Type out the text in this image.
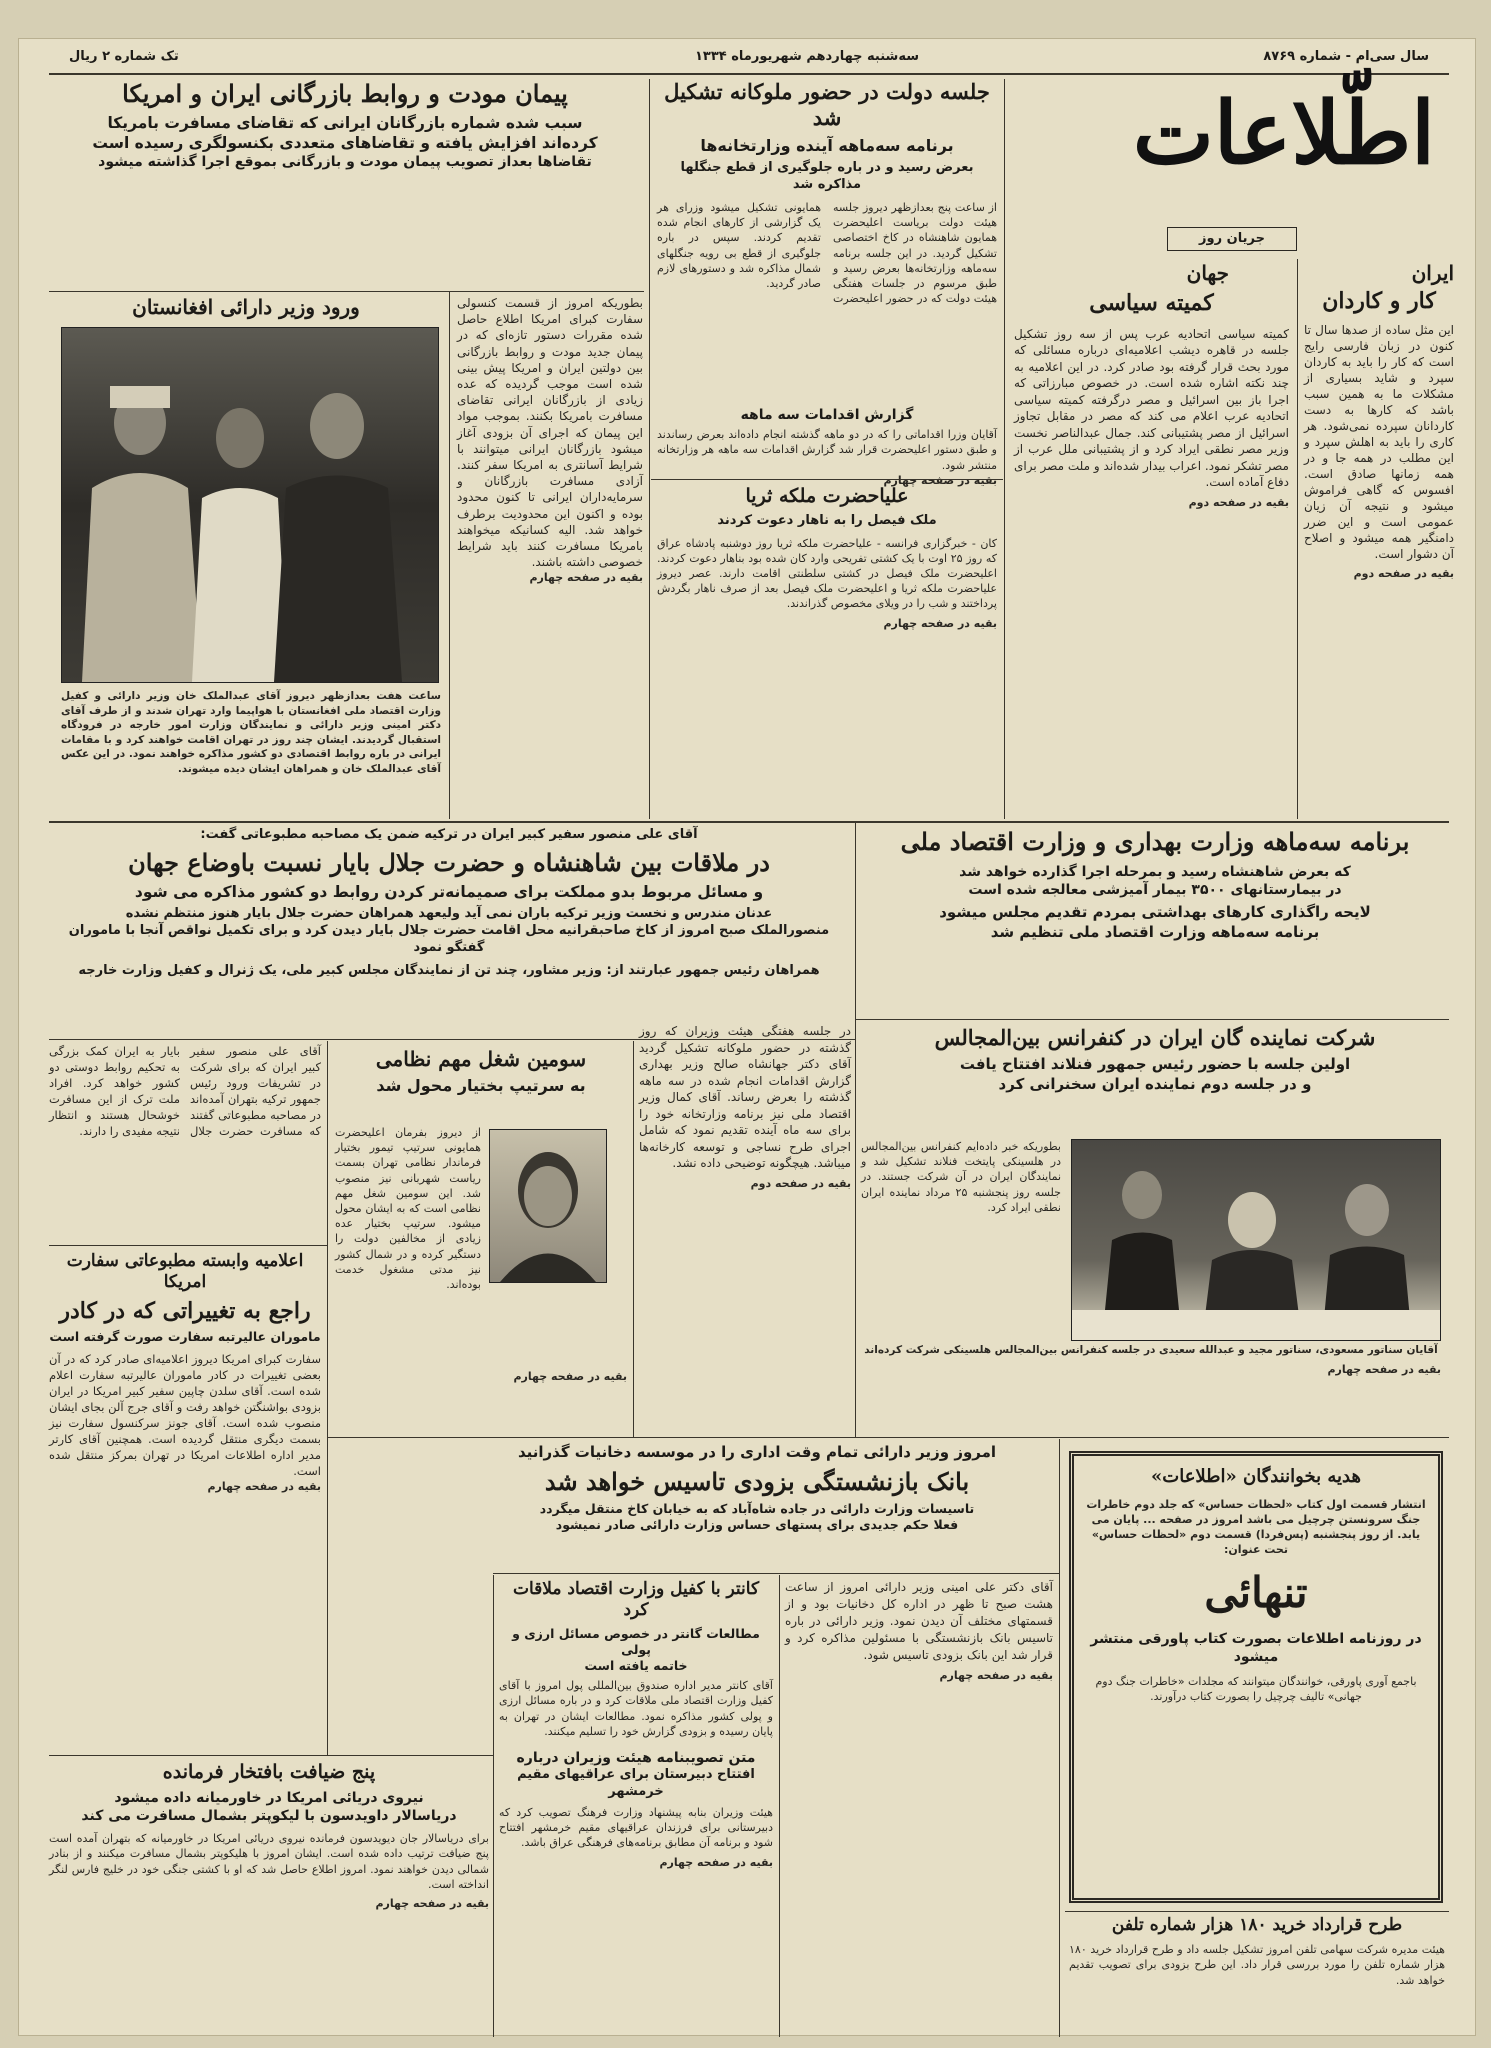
سال سی‌ام - شماره ۸۷۶۹
سه‌شنبه چهاردهم شهریورماه ۱۳۳۴
تک شماره ۲ ریال
اطّلاعات
جریان روز
ایران
کار و کاردان
این مثل ساده از صدها سال تا کنون در زبان فارسی رایج است که کار را باید به کاردان سپرد و شاید بسیاری از مشکلات ما به همین سبب باشد که کارها به دست کاردانان سپرده نمی‌شود. هر کاری را باید به اهلش سپرد و این مطلب در همه جا و در همه زمانها صادق است. افسوس که گاهی فراموش میشود و نتیجه آن زیان عمومی است و این ضرر دامنگیر همه میشود و اصلاح آن دشوار است.
بقیه در صفحه دوم
جهان
کمیته سیاسی
کمیته سیاسی اتحادیه عرب پس از سه روز تشکیل جلسه در قاهره دیشب اعلامیه‌ای درباره مسائلی که مورد بحث قرار گرفته بود صادر کرد. در این اعلامیه به چند نکته اشاره شده است. در خصوص مبارزاتی که اجرا باز بین اسرائیل و مصر درگرفته کمیته سیاسی اتحادیه عرب اعلام می کند که مصر در مقابل تجاوز اسرائیل از مصر پشتیبانی کند. جمال عبدالناصر نخست وزیر مصر نطقی ایراد کرد و از پشتیبانی ملل عرب از مصر تشکر نمود. اعراب بیدار شده‌اند و ملت مصر برای دفاع آماده است.
بقیه در صفحه دوم
جلسه دولت در حضور ملوکانه تشکیل شد
برنامه سه‌ماهه آینده وزارتخانه‌ها
بعرض رسید و در باره جلوگیری از قطع جنگلها مذاکره شد
از ساعت پنج بعدازظهر دیروز جلسه هیئت دولت بریاست اعلیحضرت همایون شاهنشاه در کاخ اختصاصی تشکیل گردید. در این جلسه برنامه سه‌ماهه وزارتخانه‌ها بعرض رسید و طبق مرسوم در جلسات هفتگی هیئت دولت که در حضور اعلیحضرت همایونی تشکیل میشود وزرای هر یک گزارشی از کارهای انجام شده تقدیم کردند. سپس در باره جلوگیری از قطع بی رویه جنگلهای شمال مذاکره شد و دستورهای لازم صادر گردید.
گزارش اقدامات سه ماهه
آقایان وزرا اقداماتی را که در دو ماهه گذشته انجام داده‌اند بعرض رساندند و طبق دستور اعلیحضرت قرار شد گزارش اقدامات سه ماهه هر وزارتخانه منتشر شود.
بقیه در صفحه چهارم
علیاحضرت ملکه ثریا
ملک فیصل را به ناهار دعوت کردند
کان - خبرگزاری فرانسه - علیاحضرت ملکه ثریا روز دوشنبه پادشاه عراق که روز ۲۵ اوت با یک کشتی تفریحی وارد کان شده بود بناهار دعوت کردند. اعلیحضرت ملک فیصل در کشتی سلطنتی اقامت دارند. عصر دیروز علیاحضرت ملکه ثریا و اعلیحضرت ملک فیصل بعد از صرف ناهار بگردش پرداختند و شب را در ویلای مخصوص گذراندند.
بقیه در صفحه چهارم
پیمان مودت و روابط بازرگانی ایران و امریکا
سبب شده شماره بازرگانان ایرانی که تقاضای مسافرت بامریکا
کرده‌اند افزایش یافته و تقاضاهای متعددی بکنسولگری رسیده است
تقاضاها بعداز تصویب پیمان مودت و بازرگانی بموقع اجرا گذاشته میشود
بطوریکه امروز از قسمت کنسولی سفارت کبرای امریکا اطلاع حاصل شده مقررات دستور تازه‌ای که در پیمان جدید مودت و روابط بازرگانی بین دولتین ایران و امریکا پیش بینی شده است موجب گردیده که عده زیادی از بازرگانان ایرانی تقاضای مسافرت بامریکا بکنند. بموجب مواد این پیمان که اجرای آن بزودی آغاز میشود بازرگانان ایرانی میتوانند با شرایط آسانتری به امریکا سفر کنند. آزادی مسافرت بازرگانان و سرمایه‌داران ایرانی تا کنون محدود بوده و اکنون این محدودیت برطرف خواهد شد. الیه کسانیکه میخواهند بامریکا مسافرت کنند باید شرایط خصوصی داشته باشند.
بقیه در صفحه چهارم
ورود وزیر دارائی افغانستان
ساعت هفت بعدازظهر دیروز آقای عبدالملک خان وزیر دارائی و کفیل وزارت اقتصاد ملی افغانستان با هواپیما وارد تهران شدند و از طرف آقای دکتر امینی وزیر دارائی و نمایندگان وزارت امور خارجه در فرودگاه استقبال گردیدند. ایشان چند روز در تهران اقامت خواهند کرد و با مقامات ایرانی در باره روابط اقتصادی دو کشور مذاکره خواهند نمود. در این عکس آقای عبدالملک خان و همراهان ایشان دیده میشوند.
برنامه سه‌ماهه وزارت بهداری و وزارت اقتصاد ملی
که بعرض شاهنشاه رسید و بمرحله اجرا گذارده خواهد شد
در بیمارستانهای ۳۵۰۰ بیمار آمیزشی معالجه شده است
لایحه راگذاری کارهای بهداشتی بمردم تقدیم مجلس میشود
برنامه سه‌ماهه وزارت اقتصاد ملی تنظیم شد
در جلسه هفتگی هیئت وزیران که روز گذشته در حضور ملوکانه تشکیل گردید آقای دکتر جهانشاه صالح وزیر بهداری گزارش اقدامات انجام شده در سه ماهه گذشته را بعرض رساند. آقای کمال وزیر اقتصاد ملی نیز برنامه وزارتخانه خود را برای سه ماه آینده تقدیم نمود که شامل اجرای طرح نساجی و توسعه کارخانه‌ها میباشد. هیچگونه توضیحی داده نشد.
بقیه در صفحه دوم
آقای علی منصور سفیر کبیر ایران در ترکیه ضمن یک مصاحبه مطبوعاتی گفت:
در ملاقات بین شاهنشاه و حضرت جلال بایار نسبت باوضاع جهان
و مسائل مربوط بدو مملکت برای صمیمانه‌تر کردن روابط دو کشور مذاکره می شود
عدنان مندرس و نخست وزیر ترکیه باران نمی آید ولیعهد همراهان حضرت جلال بایار هنوز منتظم نشده
منصورالملک صبح امروز از کاخ صاحبقرانیه محل اقامت حضرت جلال بایار دیدن کرد و برای تکمیل نواقص آنجا با ماموران گفتگو نمود
همراهان رئیس جمهور عبارتند از: وزیر مشاور، چند تن از نمایندگان مجلس کبیر ملی، یک ژنرال و کفیل وزارت خارجه
آقای علی منصور سفیر کبیر ایران که برای شرکت در تشریفات ورود رئیس جمهور ترکیه بتهران آمده‌اند در مصاحبه مطبوعاتی گفتند که مسافرت حضرت جلال بایار به ایران کمک بزرگی به تحکیم روابط دوستی دو کشور خواهد کرد. افراد ملت ترک از این مسافرت خوشحال هستند و انتظار نتیجه مفیدی را دارند.
سومین شغل مهم نظامی
به سرتیپ بختیار محول شد
از دیروز بفرمان اعلیحضرت همایونی سرتیپ تیمور بختیار فرماندار نظامی تهران بسمت ریاست شهربانی نیز منصوب شد. این سومین شغل مهم نظامی است که به ایشان محول میشود. سرتیپ بختیار عده زیادی از مخالفین دولت را دستگیر کرده و در شمال کشور نیز مدتی مشغول خدمت بوده‌اند.
بقیه در صفحه چهارم
شرکت نماینده گان ایران در کنفرانس بین‌المجالس
اولین جلسه با حضور رئیس جمهور فنلاند افتتاح یافت
و در جلسه دوم نماینده ایران سخنرانی کرد
بطوریکه خبر داده‌ایم کنفرانس بین‌المجالس در هلسینکی پایتخت فنلاند تشکیل شد و نمایندگان ایران در آن شرکت جستند. در جلسه روز پنجشنبه ۲۵ مرداد نماینده ایران نطقی ایراد کرد.
آقایان سناتور مسعودی، سناتور مجید و عبدالله سعیدی در جلسه کنفرانس بین‌المجالس هلسینکی شرکت کرده‌اند
بقیه در صفحه چهارم
اعلامیه وابسته مطبوعاتی سفارت امریکا
راجع به تغییراتی که در کادر
ماموران عالیرتبه سفارت صورت گرفته است
سفارت کبرای امریکا دیروز اعلامیه‌ای صادر کرد که در آن بعضی تغییرات در کادر ماموران عالیرتبه سفارت اعلام شده است. آقای سلدن چاپین سفیر کبیر امریکا در ایران بزودی بواشنگتن خواهد رفت و آقای جرج آلن بجای ایشان منصوب شده است. آقای جونز سرکنسول سفارت نیز بسمت دیگری منتقل گردیده است. همچنین آقای کارتر مدیر اداره اطلاعات امریکا در تهران بمرکز منتقل شده است.
بقیه در صفحه چهارم
پنج ضیافت بافتخار فرمانده
نیروی دریائی امریکا در خاورمیانه داده میشود
دریاسالار داویدسون با لیکوپتر بشمال مسافرت می کند
برای دریاسالار جان دیویدسون فرمانده نیروی دریائی امریکا در خاورمیانه که بتهران آمده است پنج ضیافت ترتیب داده شده است. ایشان امروز با هلیکوپتر بشمال مسافرت میکنند و از بنادر شمالی دیدن خواهند نمود. امروز اطلاع حاصل شد که او با کشتی جنگی خود در خلیج فارس لنگر انداخته است.
بقیه در صفحه چهارم
امروز وزیر دارائی تمام وقت اداری را در موسسه دخانیات گذرانید
بانک بازنشستگی بزودی تاسیس خواهد شد
تاسیسات وزارت دارائی در جاده شاه‌آباد که به خیابان کاخ منتقل میگردد
فعلا حکم جدیدی برای پستهای حساس وزارت دارائی صادر نمیشود
آقای دکتر علی امینی وزیر دارائی امروز از ساعت هشت صبح تا ظهر در اداره کل دخانیات بود و از قسمتهای مختلف آن دیدن نمود. وزیر دارائی در باره تاسیس بانک بازنشستگی با مسئولین مذاکره کرد و قرار شد این بانک بزودی تاسیس شود.
بقیه در صفحه چهارم
کانتر با کفیل وزارت اقتصاد ملاقات کرد
مطالعات گانتر در خصوص مسائل ارزی و پولی
خاتمه یافته است
آقای کانتر مدیر اداره صندوق بین‌المللی پول امروز با آقای کفیل وزارت اقتصاد ملی ملاقات کرد و در باره مسائل ارزی و پولی کشور مذاکره نمود. مطالعات ایشان در تهران به پایان رسیده و بزودی گزارش خود را تسلیم میکنند.
متن تصویبنامه هیئت وزیران درباره
افتتاح دبیرستان برای عراقیهای مقیم خرمشهر
هیئت وزیران بنابه پیشنهاد وزارت فرهنگ تصویب کرد که دبیرستانی برای فرزندان عراقیهای مقیم خرمشهر افتتاح شود و برنامه آن مطابق برنامه‌های فرهنگی عراق باشد.
بقیه در صفحه چهارم
هدیه بخوانندگان «اطلاعات»
انتشار قسمت اول کتاب «لحظات حساس» که جلد دوم خاطرات جنگ سرونستن چرچیل می باشد امروز در صفحه ... پایان می یابد. از روز پنجشنبه (پس‌فردا) قسمت دوم «لحظات حساس» تحت عنوان:
تنهائی
در روزنامه اطلاعات بصورت کتاب پاورقی منتشر میشود
باجمع آوری پاورقی، خوانندگان میتوانند که مجلدات «خاطرات جنگ دوم جهانی» تالیف چرچیل را بصورت کتاب درآورند.
طرح قرارداد خرید ۱۸۰ هزار شماره تلفن
هیئت مدیره شرکت سهامی تلفن امروز تشکیل جلسه داد و طرح قرارداد خرید ۱۸۰ هزار شماره تلفن را مورد بررسی قرار داد. این طرح بزودی برای تصویب تقدیم خواهد شد.
